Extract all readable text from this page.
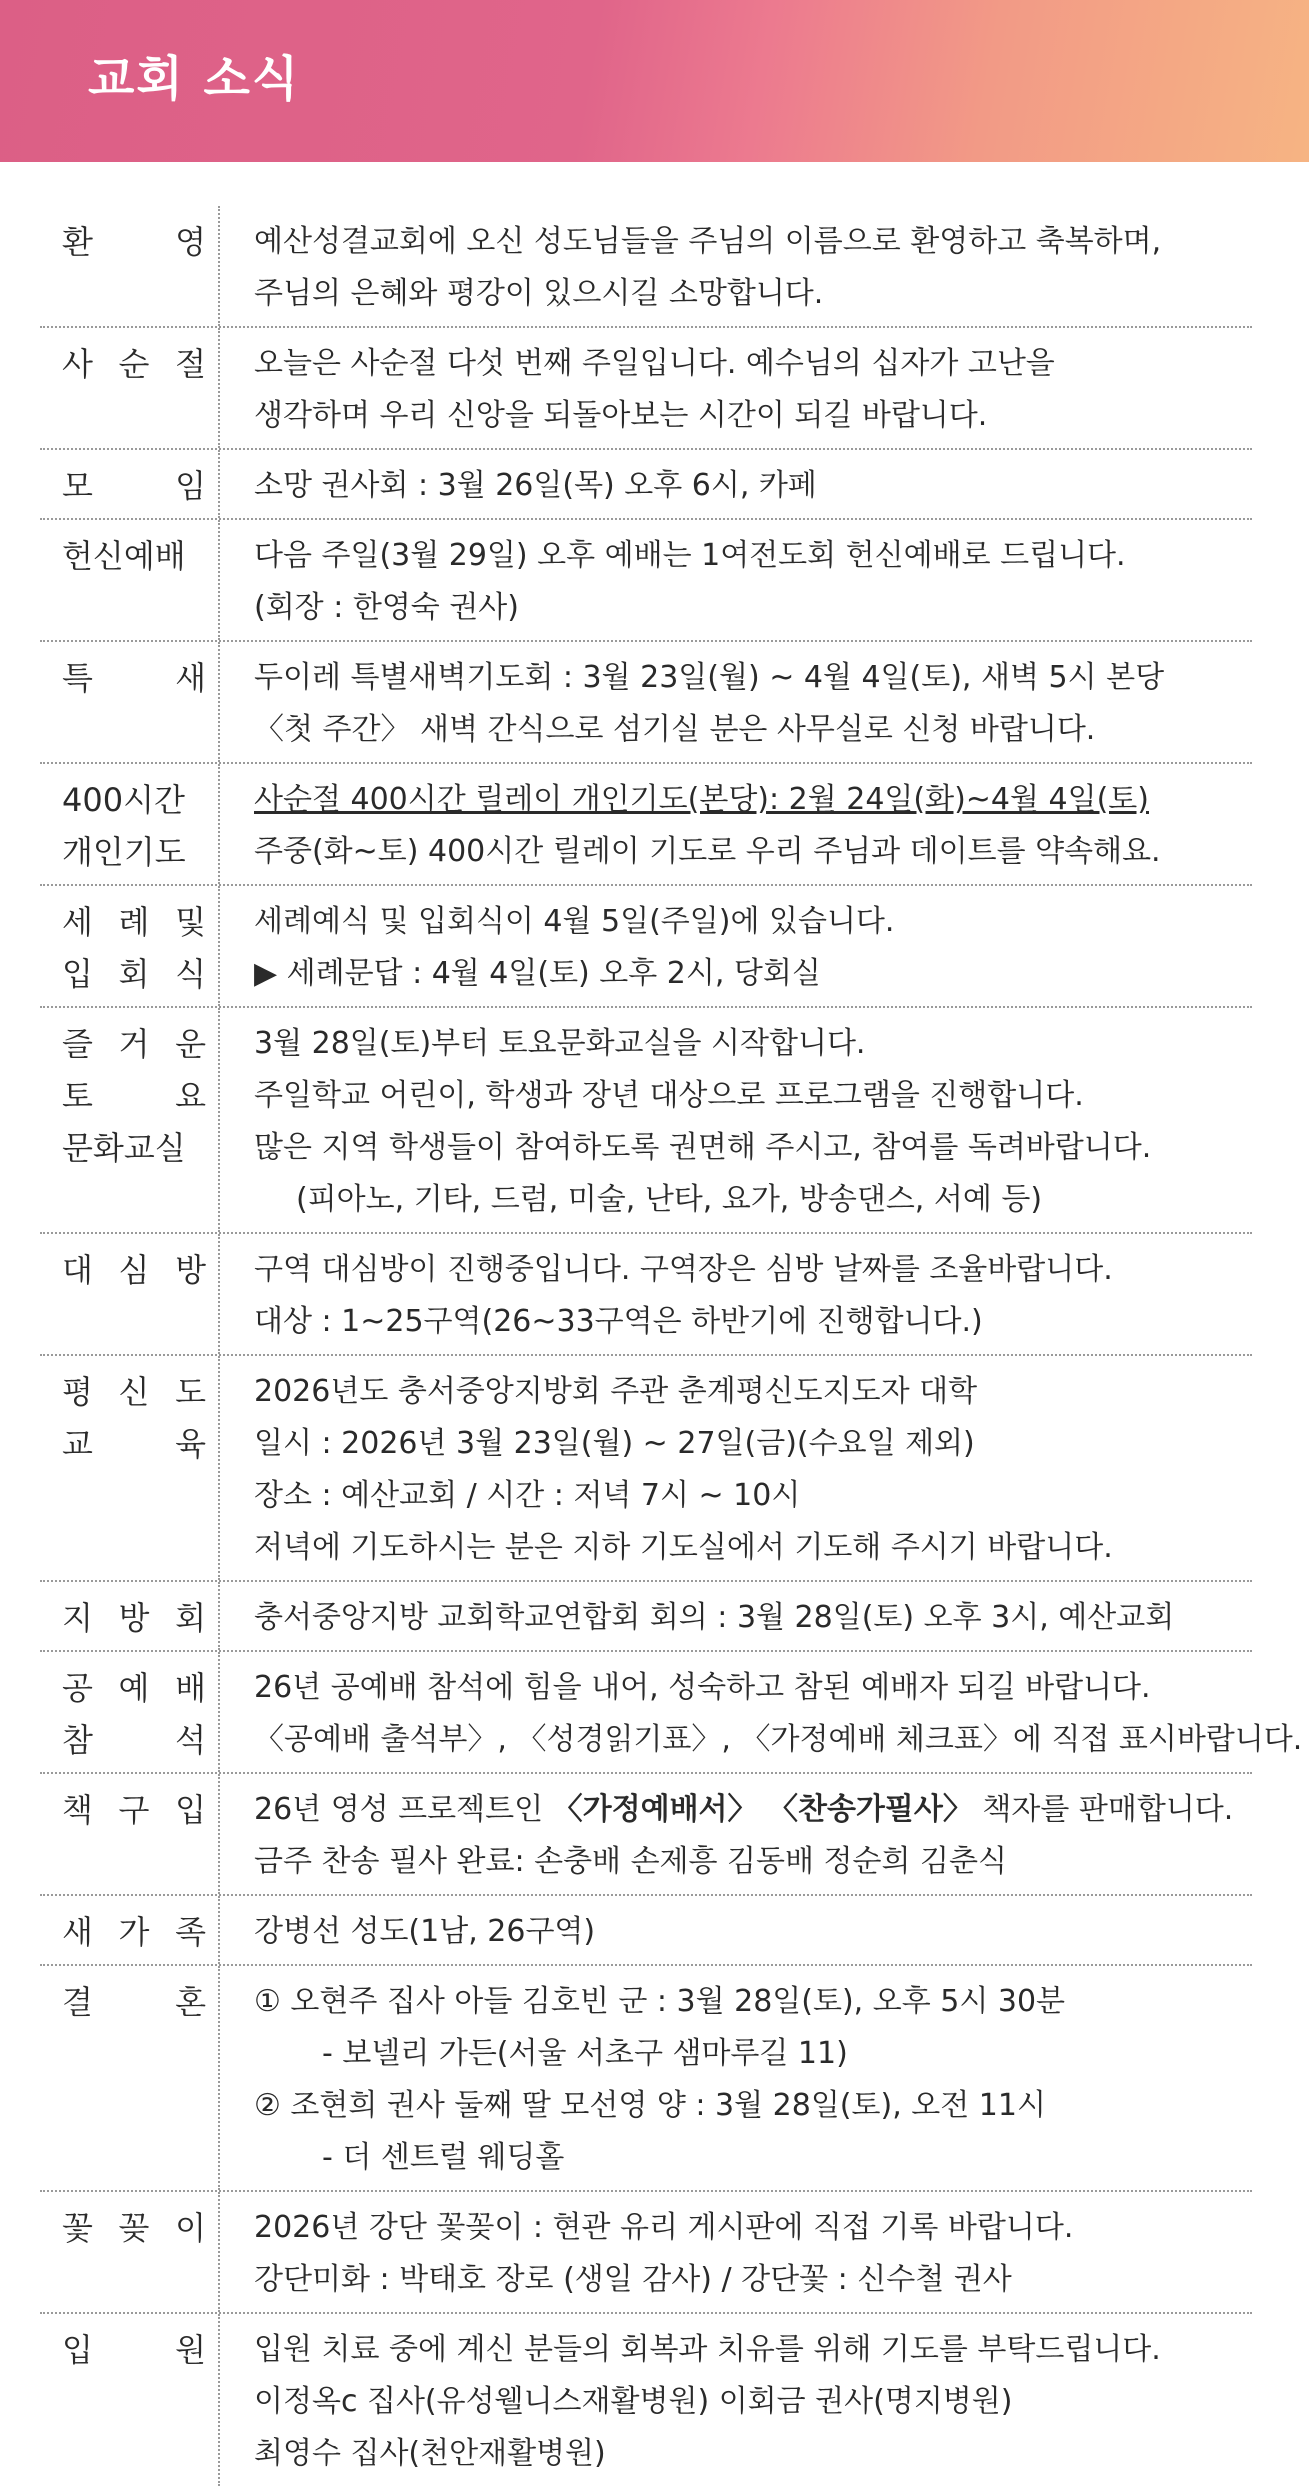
교회 소식
환 영 예산성결교회에 오신 성도님들을 주님의 이름으로 환영하고 축복하며,
주님의 은혜와 평강이 있으시길 소망합니다.
사 순 절 오늘은 사순절 다섯 번째 주일입니다. 예수님의 십자가 고난을
생각하며 우리 신앙을 되돌아보는 시간이 되길 바랍니다.
모 임 소망 권사회 : 3월 26일(목) 오후 6시, 카페
헌신예배	다음 주일(3월 29일) 오후 예배는 1여전도회 헌신예배로 드립니다.
(회장 : 한영숙 권사)
특 새 두이레 특별새벽기도회 : 3월 23일(월) ~ 4월 4일(토), 새벽 5시 본당
〈첫 주간〉 새벽 간식으로 섬기실 분은 사무실로 신청 바랍니다.
400시간
개인기도
사순절 400시간 릴레이 개인기도(본당): 2월 24일(화)~4월 4일(토)
주중(화~토) 400시간 릴레이 기도로 우리 주님과 데이트를 약속해요.
세 례 및
입 회 식
세례예식 및 입회식이 4월 5일(주일)에 있습니다.
▶ 세례문답 : 4월 4일(토) 오후 2시, 당회실
즐 거 운
토 요
문화교실
3월 28일(토)부터 토요문화교실을 시작합니다.
주일학교 어린이, 학생과 장년 대상으로 프로그램을 진행합니다.
많은 지역 학생들이 참여하도록 권면해 주시고, 참여를 독려바랍니다.
(피아노, 기타, 드럼, 미술, 난타, 요가, 방송댄스, 서예 등)
대 심 방 구역 대심방이 진행중입니다. 구역장은 심방 날짜를 조율바랍니다.
대상 : 1~25구역(26~33구역은 하반기에 진행합니다.)
평 신 도
교 육
2026년도 충서중앙지방회 주관 춘계평신도지도자 대학
일시 : 2026년 3월 23일(월) ~ 27일(금)(수요일 제외)
장소 : 예산교회 / 시간 : 저녁 7시 ~ 10시
저녁에 기도하시는 분은 지하 기도실에서 기도해 주시기 바랍니다.
지 방 회 충서중앙지방 교회학교연합회 회의 : 3월 28일(토) 오후 3시, 예산교회
공 예 배
참 석
26년 공예배 참석에 힘을 내어, 성숙하고 참된 예배자 되길 바랍니다.
〈공예배 출석부〉, 〈성경읽기표〉, 〈가정예배 체크표〉에 직접 표시바랍니다.
책 구 입 26년 영성 프로젝트인 〈가정예배서〉 〈찬송가필사〉 책자를 판매합니다.
금주 찬송 필사 완료: 손충배 손제흥 김동배 정순희 김춘식
새 가 족 강병선 성도(1남, 26구역)
결 혼 ① 오현주 집사 아들 김호빈 군 : 3월 28일(토), 오후 5시 30분
- 보넬리 가든(서울 서초구 샘마루길 11)
② 조현희 권사 둘째 딸 모선영 양 : 3월 28일(토), 오전 11시
- 더 센트럴 웨딩홀
꽃 꽂 이 2026년 강단 꽃꽂이 : 현관 유리 게시판에 직접 기록 바랍니다.
강단미화 : 박태호 장로 (생일 감사) / 강단꽃 : 신수철 권사
입 원 입원 치료 중에 계신 분들의 회복과 치유를 위해 기도를 부탁드립니다.
이정옥c 집사(유성웰니스재활병원) 이회금 권사(명지병원)
최영수 집사(천안재활병원)
